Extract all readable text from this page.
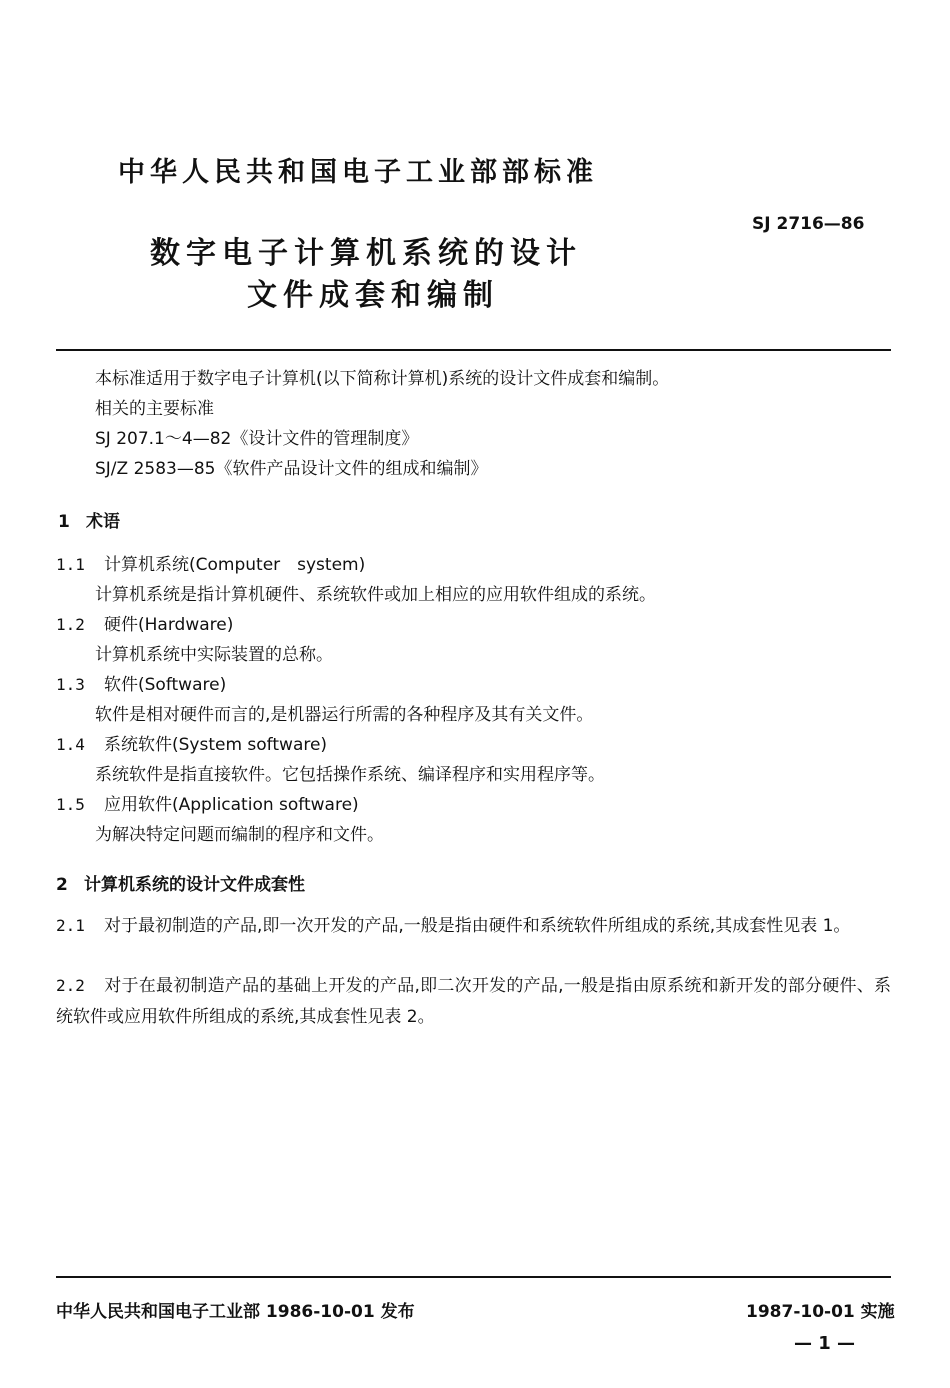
中华人民共和国电子工业部部标准
SJ 2716—86
数字电子计算机系统的设计
文件成套和编制
本标准适用于数字电子计算机(以下简称计算机)系统的设计文件成套和编制。
相关的主要标准
SJ 207.1～4—82《设计文件的管理制度》
SJ/Z 2583—85《软件产品设计文件的组成和编制》
1 术语
1.1 计算机系统(Computer　system)
计算机系统是指计算机硬件、系统软件或加上相应的应用软件组成的系统。
1.2 硬件(Hardware)
计算机系统中实际装置的总称。
1.3 软件(Software)
软件是相对硬件而言的,是机器运行所需的各种程序及其有关文件。
1.4 系统软件(System software)
系统软件是指直接软件。它包括操作系统、编译程序和实用程序等。
1.5 应用软件(Application software)
为解决特定问题而编制的程序和文件。
2 计算机系统的设计文件成套性
2.1 对于最初制造的产品,即一次开发的产品,一般是指由硬件和系统软件所组成的系统,其成套性见表 1。
2.2 对于在最初制造产品的基础上开发的产品,即二次开发的产品,一般是指由原系统和新开发的部分硬件、系统软件或应用软件所组成的系统,其成套性见表 2。
中华人民共和国电子工业部 1986-10-01 发布	1987-10-01 实施
— 1 —
